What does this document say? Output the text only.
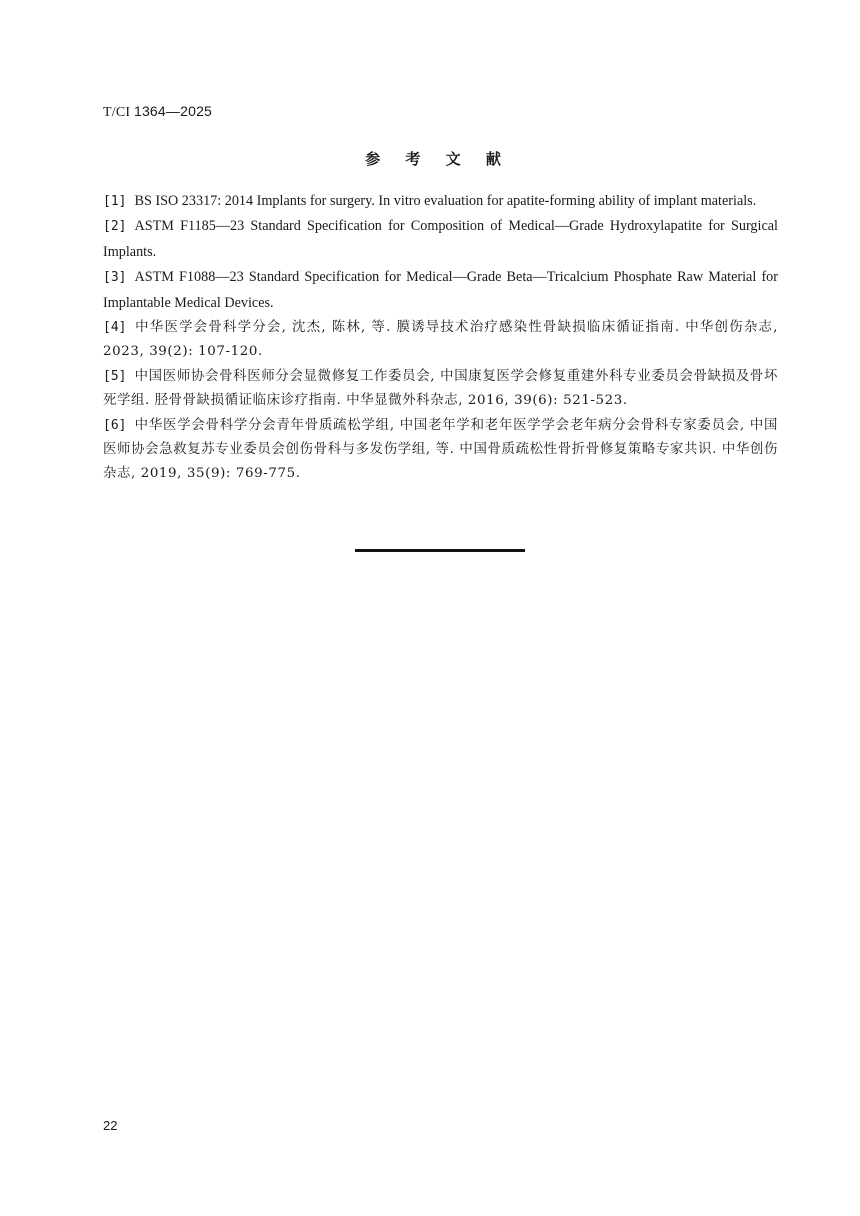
T/CI 1364—2025
参 考 文 献
[1] BS ISO 23317: 2014 Implants for surgery. In vitro evaluation for apatite-forming ability of implant materials.
[2] ASTM F1185—23 Standard Specification for Composition of Medical—Grade Hydroxylapatite for Surgical Implants.
[3] ASTM F1088—23 Standard Specification for Medical—Grade Beta—Tricalcium Phosphate Raw Material for Implantable Medical Devices.
[4] 中华医学会骨科学分会, 沈杰, 陈林, 等. 膜诱导技术治疗感染性骨缺损临床循证指南. 中华创伤杂志, 2023, 39(2): 107-120.
[5] 中国医师协会骨科医师分会显微修复工作委员会, 中国康复医学会修复重建外科专业委员会骨缺损及骨坏死学组. 胫骨骨缺损循证临床诊疗指南. 中华显微外科杂志, 2016, 39(6): 521-523.
[6] 中华医学会骨科学分会青年骨质疏松学组, 中国老年学和老年医学学会老年病分会骨科专家委员会, 中国医师协会急救复苏专业委员会创伤骨科与多发伤学组, 等. 中国骨质疏松性骨折骨修复策略专家共识. 中华创伤杂志, 2019, 35(9): 769-775.
22
